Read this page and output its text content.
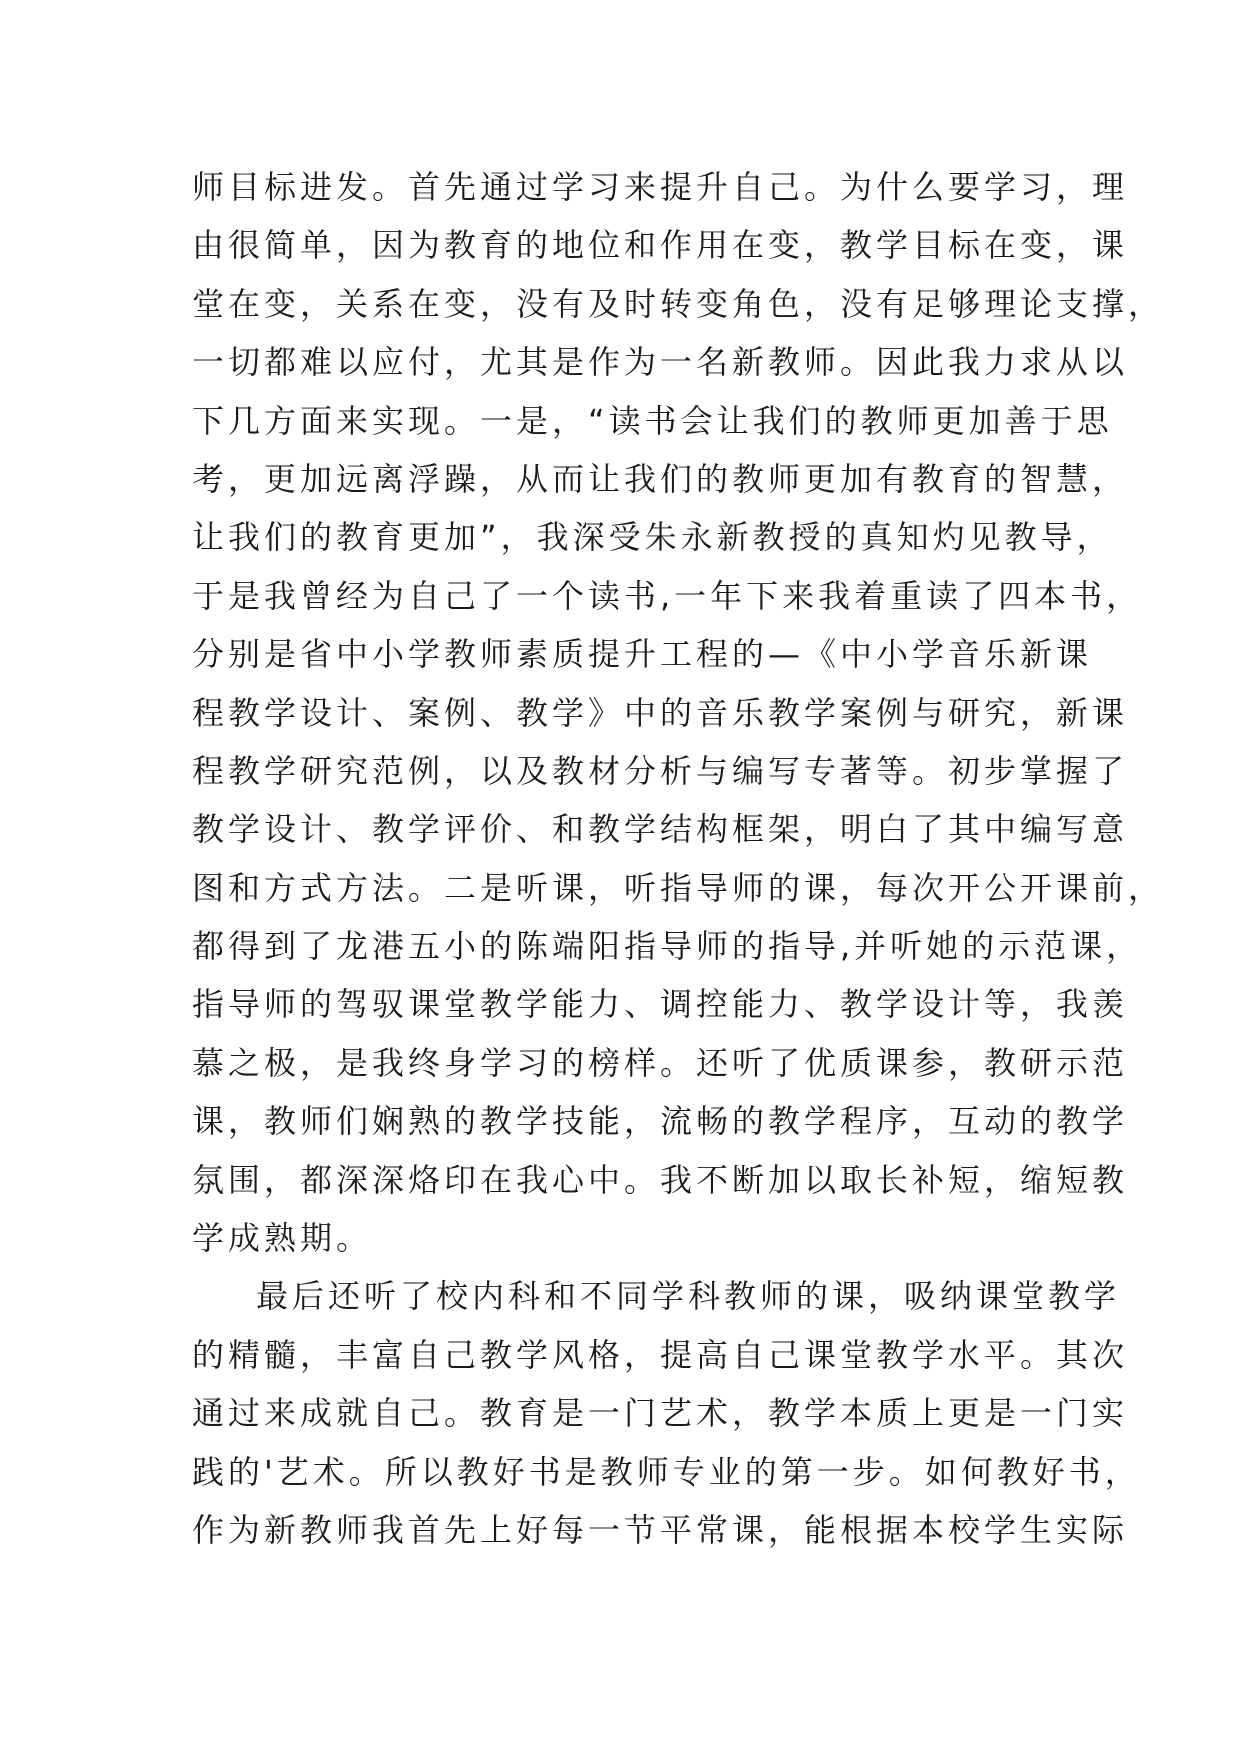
师目标进发。首先通过学习来提升自己。为什么要学习，理
由很简单，因为教育的地位和作用在变，教学目标在变，课
堂在变，关系在变，没有及时转变角色，没有足够理论支撑，
一切都难以应付，尤其是作为一名新教师。因此我力求从以
下几方面来实现。一是，“读书会让我们的教师更加善于思
考，更加远离浮躁，从而让我们的教师更加有教育的智慧，
让我们的教育更加”，我深受朱永新教授的真知灼见教导，
于是我曾经为自己了一个读书,一年下来我着重读了四本书，
分别是省中小学教师素质提升工程的—《中小学音乐新课
程教学设计、案例、教学》中的音乐教学案例与研究，新课
程教学研究范例，以及教材分析与编写专著等。初步掌握了
教学设计、教学评价、和教学结构框架，明白了其中编写意
图和方式方法。二是听课，听指导师的课，每次开公开课前，
都得到了龙港五小的陈端阳指导师的指导,并听她的示范课，
指导师的驾驭课堂教学能力、调控能力、教学设计等，我羡
慕之极，是我终身学习的榜样。还听了优质课参，教研示范
课，教师们娴熟的教学技能，流畅的教学程序，互动的教学
氛围，都深深烙印在我心中。我不断加以取长补短，缩短教
学成熟期。
最后还听了校内科和不同学科教师的课，吸纳课堂教学
的精髓，丰富自己教学风格，提高自己课堂教学水平。其次
通过来成就自己。教育是一门艺术，教学本质上更是一门实
践的'艺术。所以教好书是教师专业的第一步。如何教好书，
作为新教师我首先上好每一节平常课，能根据本校学生实际
